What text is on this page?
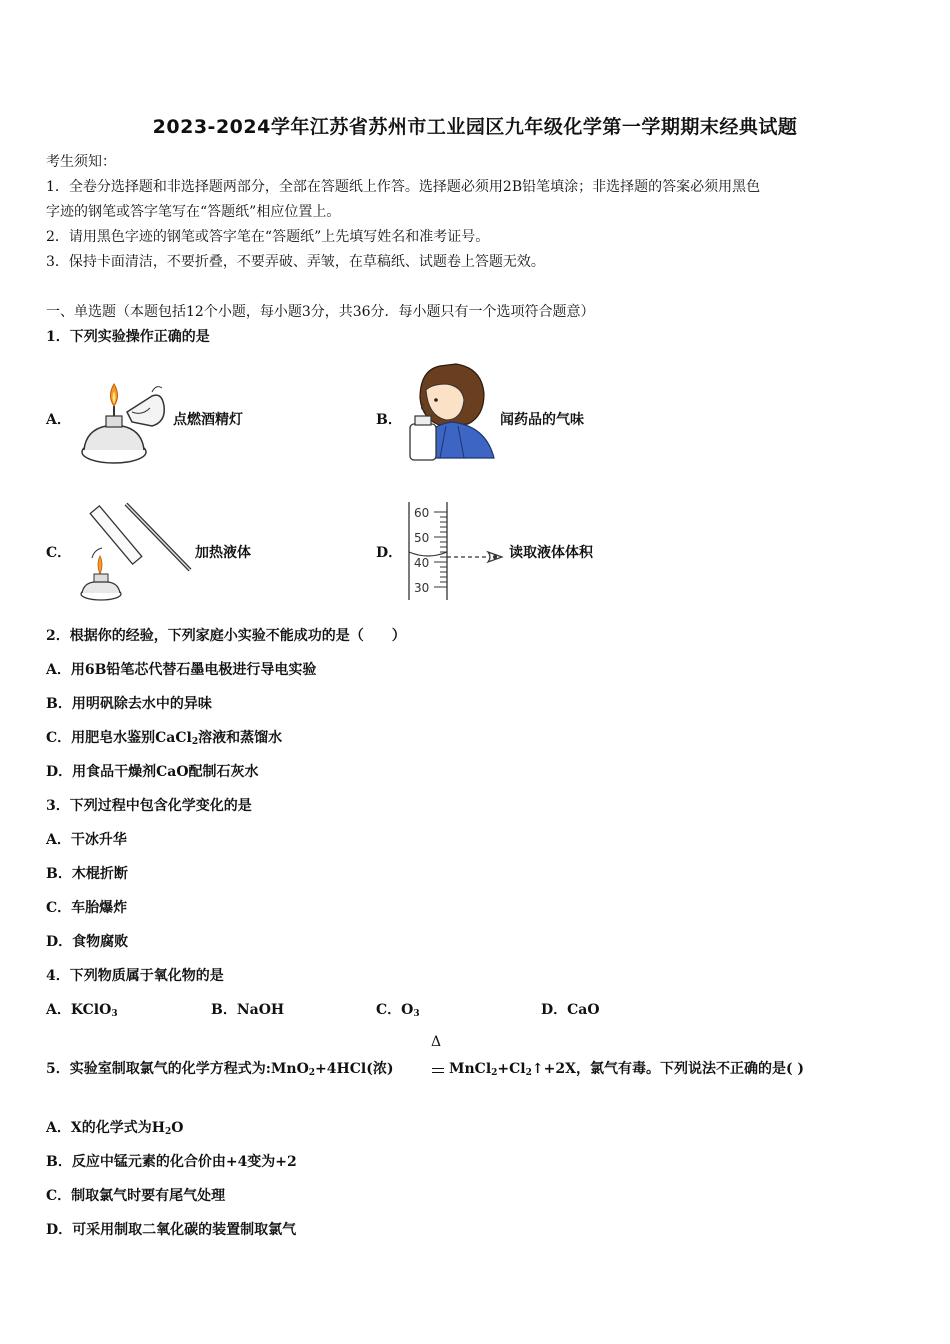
2023-2024学年江苏省苏州市工业园区九年级化学第一学期期末经典试题
考生须知：
1．全卷分选择题和非选择题两部分，全部在答题纸上作答。选择题必须用2B铅笔填涂；非选择题的答案必须用黑色
字迹的钢笔或答字笔写在“答题纸”相应位置上。
2．请用黑色字迹的钢笔或答字笔在“答题纸”上先填写姓名和准考证号。
3．保持卡面清洁，不要折叠，不要弄破、弄皱，在草稿纸、试题卷上答题无效。
一、单选题（本题包括12个小题，每小题3分，共36分．每小题只有一个选项符合题意）
1．下列实验操作正确的是
A．	点燃酒精灯	B．	闻药品的气味
C．	加热液体	D．
60
50
40
30
读取液体体积
2．根据你的经验，下列家庭小实验不能成功的是（　　）
A．用6B铅笔芯代替石墨电极进行导电实验
B．用明矾除去水中的异味
C．用肥皂水鉴别CaCl$_2$溶液和蒸馏水
D．用食品干燥剂CaO配制石灰水
3．下列过程中包含化学变化的是
A．干冰升华
B．木棍折断
C．车胎爆炸
D．食物腐败
4．下列物质属于氧化物的是
A．KClO$_3$	B．NaOH	C．$O_3$	D．CaO
Δ
5．实验室制取氯气的化学方程式为:MnO$_2$+4HCl(浓)	$MnCl_2+Cl_2↑+2X$，氯气有毒。下列说法不正确的是( )
A．X的化学式为$H_2O$
B．反应中锰元素的化合价由+4变为+2
C．制取氯气时要有尾气处理
D．可采用制取二氧化碳的装置制取氯气
